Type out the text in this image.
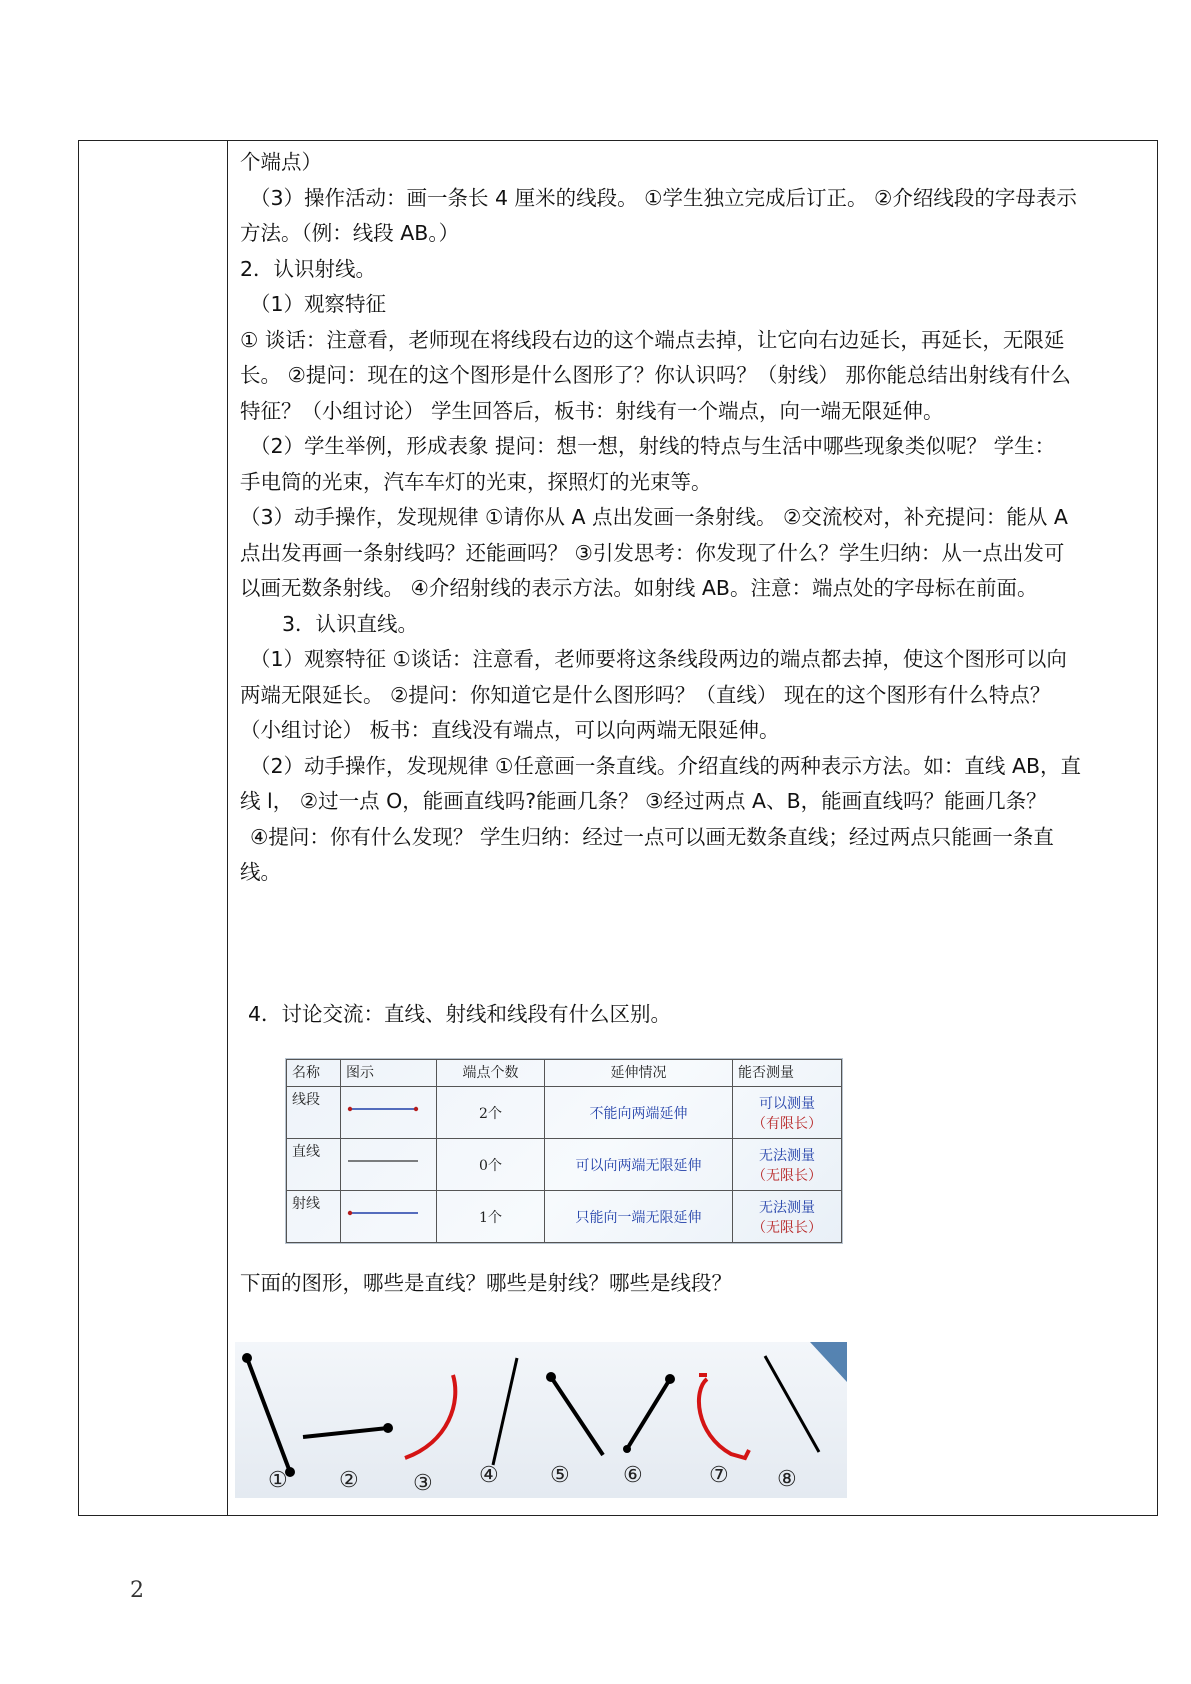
个端点）

（3）操作活动：画一条长 4 厘米的线段。 ①学生独立完成后订正。 ②介绍线段的字母表示

方法。（例：线段 AB。）

2．认识射线。

（1）观察特征

① 谈话：注意看，老师现在将线段右边的这个端点去掉，让它向右边延长，再延长，无限延

长。 ②提问：现在的这个图形是什么图形了？你认识吗？（射线） 那你能总结出射线有什么

特征？（小组讨论） 学生回答后，板书：射线有一个端点，向一端无限延伸。

（2）学生举例，形成表象 提问：想一想，射线的特点与生活中哪些现象类似呢？ 学生：

手电筒的光束，汽车车灯的光束，探照灯的光束等。

（3）动手操作，发现规律 ①请你从 A 点出发画一条射线。 ②交流校对，补充提问：能从 A

点出发再画一条射线吗？还能画吗？ ③引发思考：你发现了什么？学生归纳：从一点出发可

以画无数条射线。 ④介绍射线的表示方法。如射线 AB。注意：端点处的字母标在前面。

3．认识直线。

（1）观察特征 ①谈话：注意看，老师要将这条线段两边的端点都去掉，使这个图形可以向

两端无限延长。 ②提问：你知道它是什么图形吗？（直线） 现在的这个图形有什么特点？

（小组讨论） 板书：直线没有端点，可以向两端无限延伸。

（2）动手操作，发现规律 ①任意画一条直线。介绍直线的两种表示方法。如：直线 AB，直

线 l， ②过一点 O，能画直线吗?能画几条？ ③经过两点 A、B，能画直线吗？能画几条？

④提问：你有什么发现？ 学生归纳：经过一点可以画无数条直线；经过两点只能画一条直

线。

4．讨论交流：直线、射线和线段有什么区别。

名称	图示	端点个数	延伸情况	能否测量
线段		2个	不能向两端延伸	可以测量
（有限长）

直线		0个	可以向两端无限延伸	无法测量
（无限长）

射线		1个	只能向一端无限延伸	无法测量
（无限长）

下面的图形，哪些是直线？哪些是射线？哪些是线段？

① ② ③ ④ ⑤ ⑥	⑦ ⑧
2
